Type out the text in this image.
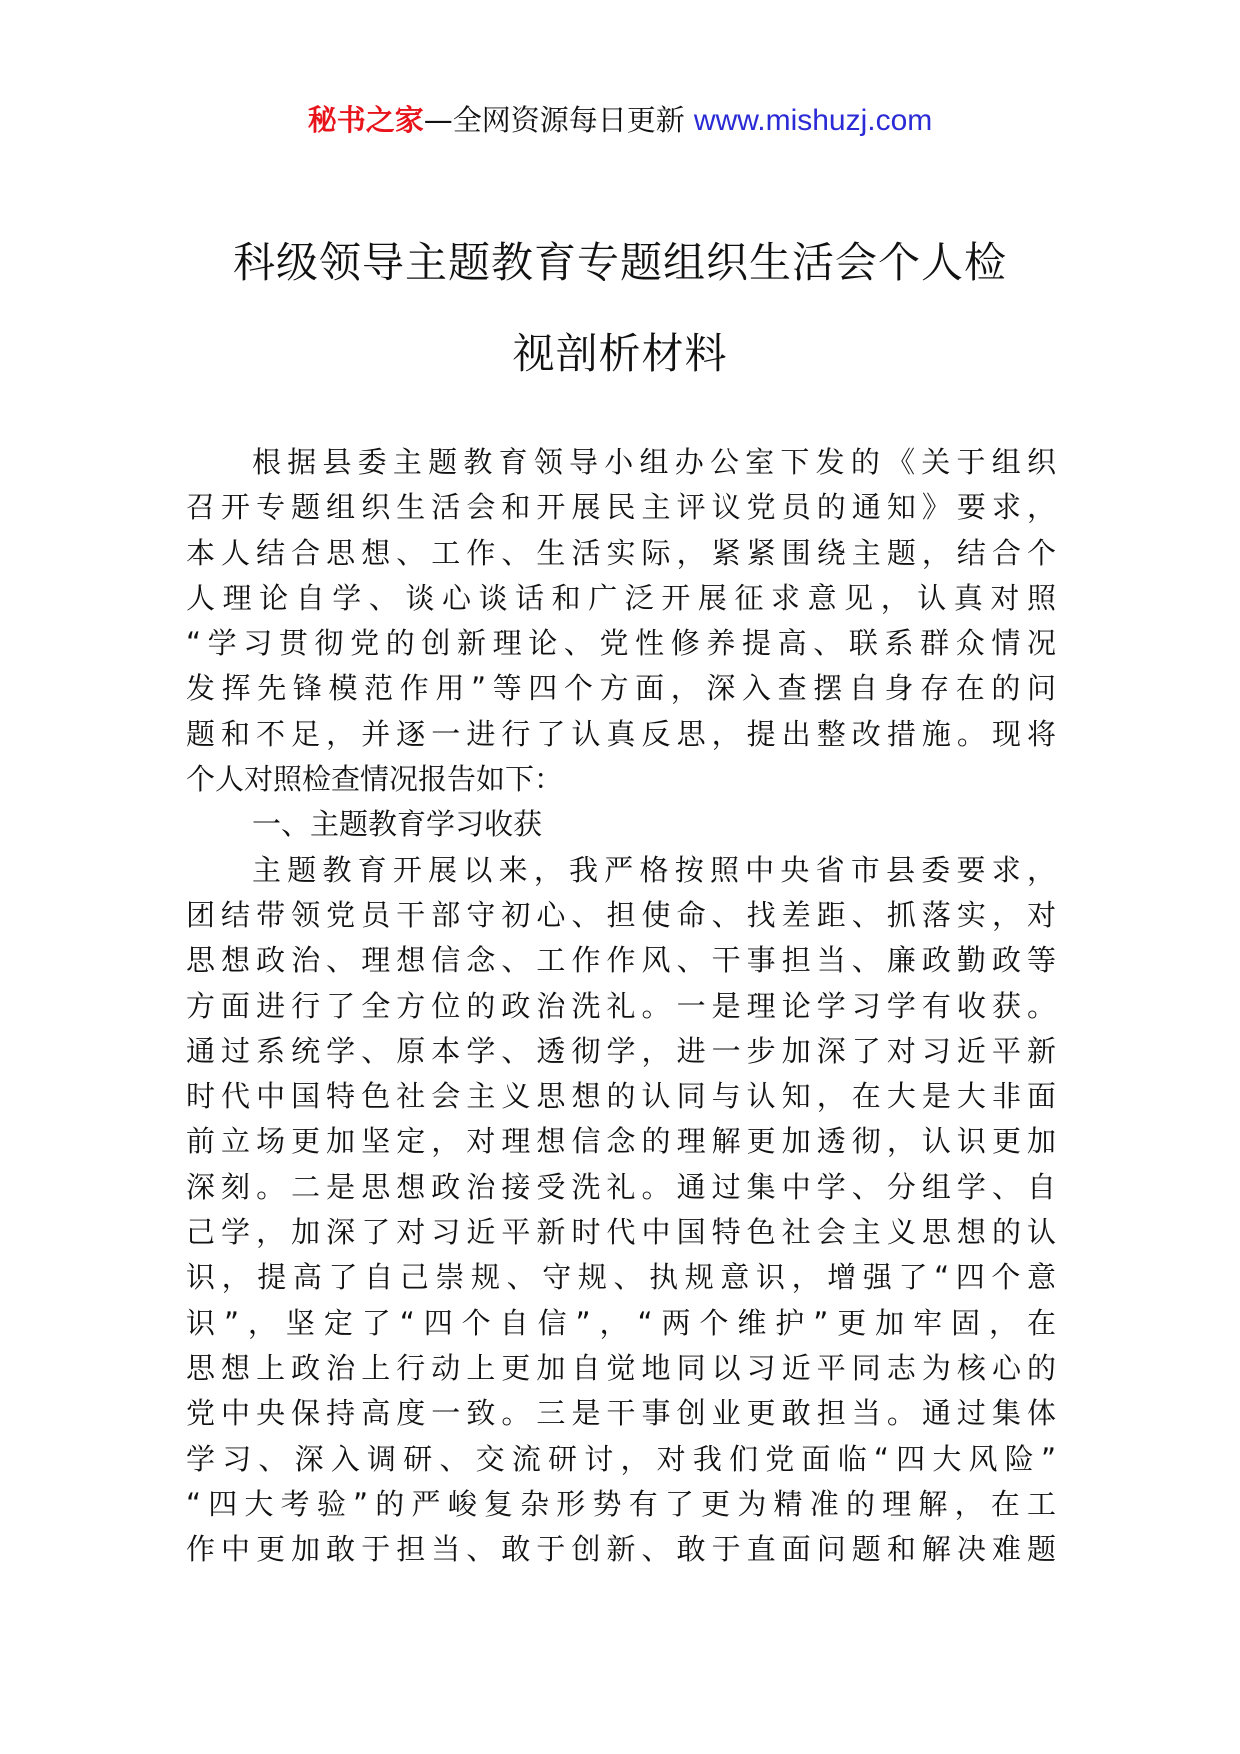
秘书之家—全网资源每日更新 www.mishuzj.com
科级领导主题教育专题组织生活会个人检
视剖析材料
根据县委主题教育领导小组办公室下发的《关于组织
召开专题组织生活会和开展民主评议党员的通知》要求，
本人结合思想、工作、生活实际，紧紧围绕主题，结合个
人理论自学、谈心谈话和广泛开展征求意见，认真对照
“学习贯彻党的创新理论、党性修养提高、联系群众情况
发挥先锋模范作用”等四个方面，深入查摆自身存在的问
题和不足，并逐一进行了认真反思，提出整改措施。现将
个人对照检查情况报告如下：
一、主题教育学习收获
主题教育开展以来，我严格按照中央省市县委要求，
团结带领党员干部守初心、担使命、找差距、抓落实，对
思想政治、理想信念、工作作风、干事担当、廉政勤政等
方面进行了全方位的政治洗礼。一是理论学习学有收获。
通过系统学、原本学、透彻学，进一步加深了对习近平新
时代中国特色社会主义思想的认同与认知，在大是大非面
前立场更加坚定，对理想信念的理解更加透彻，认识更加
深刻。二是思想政治接受洗礼。通过集中学、分组学、自
己学，加深了对习近平新时代中国特色社会主义思想的认
识，提高了自己崇规、守规、执规意识，增强了“四个意
识”，坚定了“四个自信”，“两个维护”更加牢固，在
思想上政治上行动上更加自觉地同以习近平同志为核心的
党中央保持高度一致。三是干事创业更敢担当。通过集体
学习、深入调研、交流研讨，对我们党面临“四大风险”
“四大考验”的严峻复杂形势有了更为精准的理解，在工
作中更加敢于担当、敢于创新、敢于直面问题和解决难题
